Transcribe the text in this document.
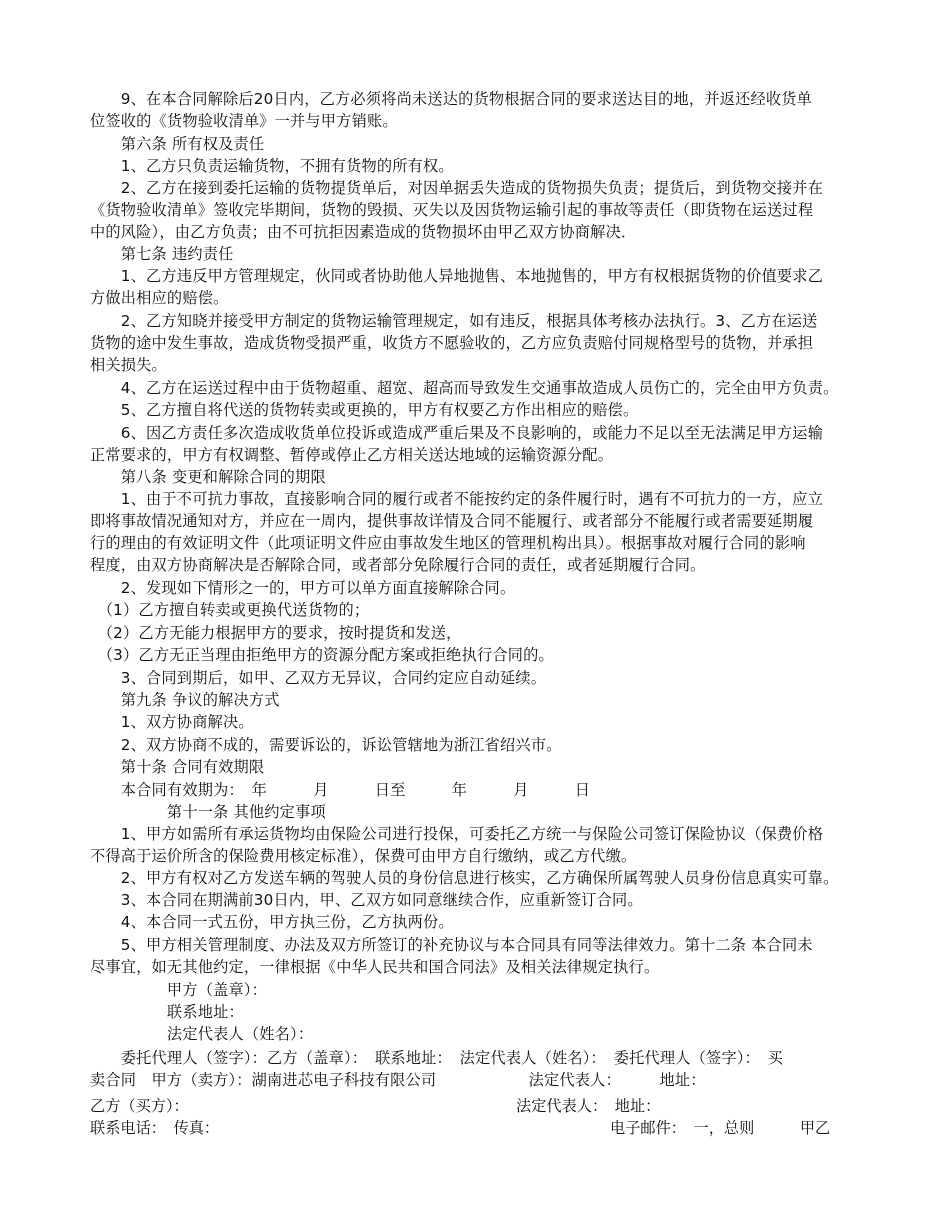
　　9、在本合同解除后20日内，乙方必须将尚未送达的货物根据合同的要求送达目的地，并返还经收货单
位签收的《货物验收清单》一并与甲方销账。
　　第六条 所有权及责任
　　1、乙方只负责运输货物，不拥有货物的所有权。
　　2、乙方在接到委托运输的货物提货单后，对因单据丢失造成的货物损失负责；提货后，到货物交接并在
《货物验收清单》签收完毕期间，货物的毁损、灭失以及因货物运输引起的事故等责任（即货物在运送过程
中的风险），由乙方负责；由不可抗拒因素造成的货物损坏由甲乙双方协商解决．
　　第七条 违约责任
　　1、乙方违反甲方管理规定，伙同或者协助他人异地抛售、本地抛售的，甲方有权根据货物的价值要求乙
方做出相应的赔偿。
　　2、乙方知晓并接受甲方制定的货物运输管理规定，如有违反，根据具体考核办法执行。3、乙方在运送
货物的途中发生事故，造成货物受损严重，收货方不愿验收的，乙方应负责赔付同规格型号的货物，并承担
相关损失。
　　4、乙方在运送过程中由于货物超重、超宽、超高而导致发生交通事故造成人员伤亡的，完全由甲方负责。
　　5、乙方擅自将代送的货物转卖或更换的，甲方有权要乙方作出相应的赔偿。
　　6、因乙方责任多次造成收货单位投诉或造成严重后果及不良影响的，或能力不足以至无法满足甲方运输
正常要求的，甲方有权调整、暂停或停止乙方相关送达地域的运输资源分配。
　　第八条 变更和解除合同的期限
　　1、由于不可抗力事故，直接影响合同的履行或者不能按约定的条件履行时，遇有不可抗力的一方，应立
即将事故情况通知对方，并应在一周内，提供事故详情及合同不能履行、或者部分不能履行或者需要延期履
行的理由的有效证明文件（此项证明文件应由事故发生地区的管理机构出具）。根据事故对履行合同的影响
程度，由双方协商解决是否解除合同，或者部分免除履行合同的责任，或者延期履行合同。
　　2、发现如下情形之一的，甲方可以单方面直接解除合同。
　（1）乙方擅自转卖或更换代送货物的；
　（2）乙方无能力根据甲方的要求，按时提货和发送，
　（3）乙方无正当理由拒绝甲方的资源分配方案或拒绝执行合同的。
　　3、合同到期后，如甲、乙双方无异议，合同约定应自动延续。
　　第九条 争议的解决方式
　　1、双方协商解决。
　　2、双方协商不成的，需要诉讼的，诉讼管辖地为浙江省绍兴市。
　　第十条 合同有效期限
　　本合同有效期为：　年　　　月　　　日至　　　年　　　月　　　日
　　　　　第十一条 其他约定事项
　　1、甲方如需所有承运货物均由保险公司进行投保，可委托乙方统一与保险公司签订保险协议（保费价格
不得高于运价所含的保险费用核定标准），保费可由甲方自行缴纳，或乙方代缴。
　　2、甲方有权对乙方发送车辆的驾驶人员的身份信息进行核实，乙方确保所属驾驶人员身份信息真实可靠。
　　3、本合同在期满前30日内，甲、乙双方如同意继续合作，应重新签订合同。
　　4、本合同一式五份，甲方执三份，乙方执两份。
　　5、甲方相关管理制度、办法及双方所签订的补充协议与本合同具有同等法律效力。第十二条 本合同未
尽事宜，如无其他约定，一律根据《中华人民共和国合同法》及相关法律规定执行。
　　　　　甲方（盖章）：
　　　　　联系地址：
　　　　　法定代表人（姓名）：
　　委托代理人（签字）：乙方（盖章）：　联系地址：　法定代表人（姓名）：　委托代理人（签字）：　买
卖合同　甲方（卖方）：湖南进芯电子科技有限公司　　　　　　法定代表人：　　　地址：
乙方（买方）：	法定代表人：　地址：
联系电话：　传真：	电子邮件：　一，总则　　　甲乙
